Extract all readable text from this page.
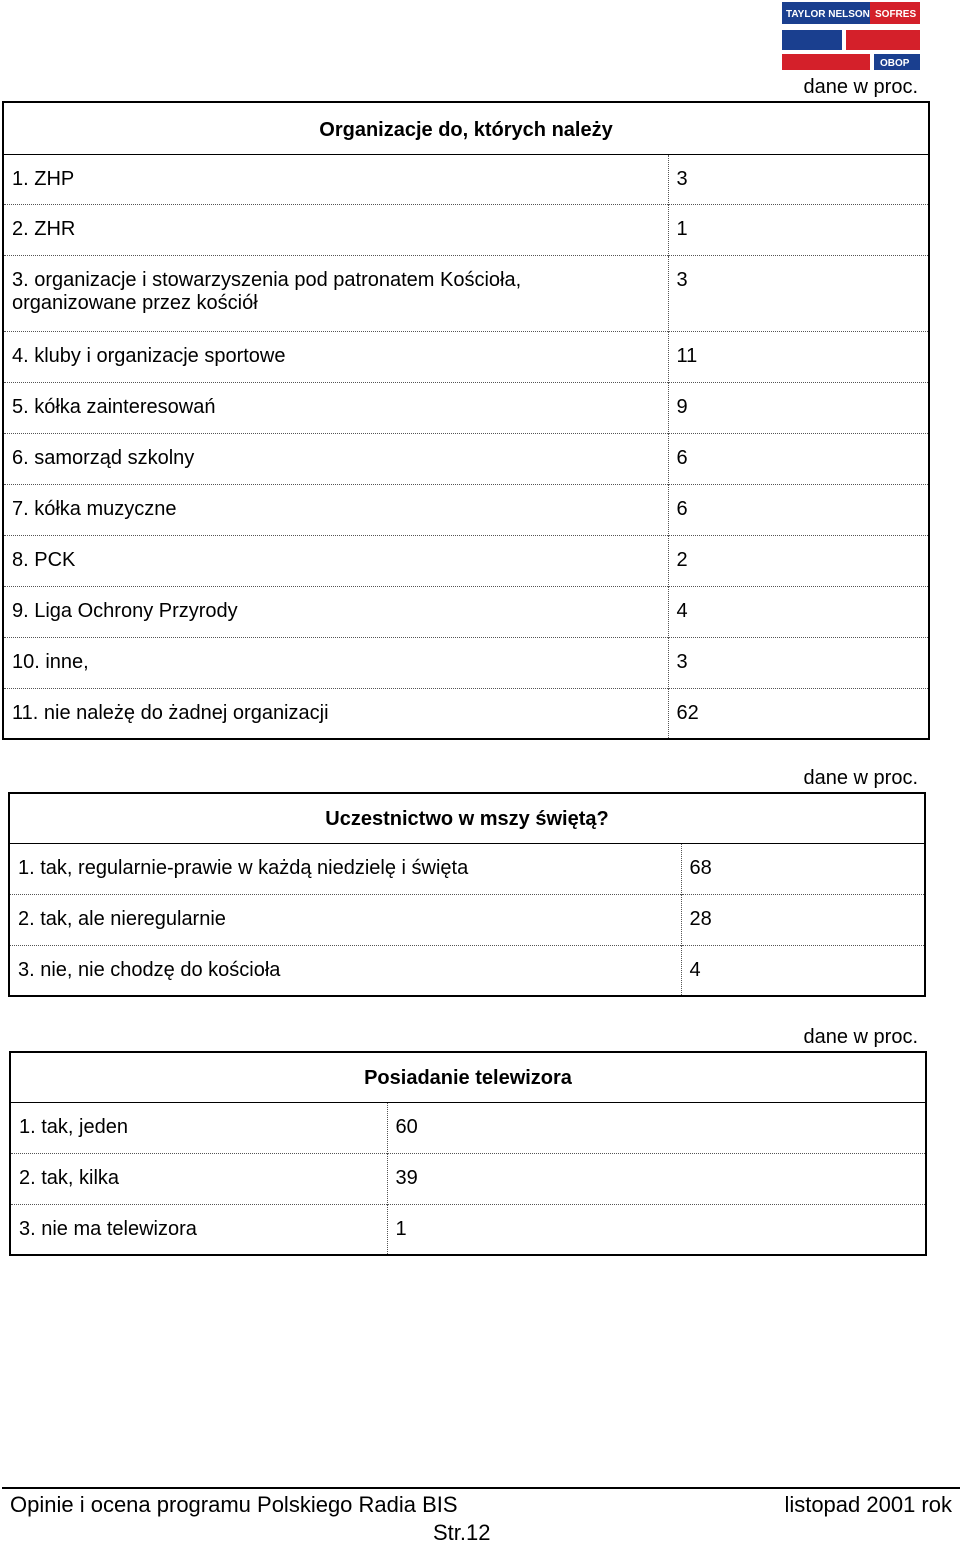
TAYLOR NELSON SOFRES
OBOP
dane w proc.
dane w proc.
dane w proc.
Organizacje do, których należy	
1. ZHP	3
2. ZHR	1

3. organizacje i stowarzyszenia pod patronatem Kościoła,
organizowane przez kościół	3
4. kluby i organizacje sportowe	11
5. kółka zainteresowań	9
6. samorząd szkolny	6
7. kółka muzyczne	6
8. PCK	2
9. Liga Ochrony Przyrody	4
10. inne,	3
11. nie należę do żadnej organizacji	62
Uczestnictwo w mszy świętą?	
1. tak, regularnie-prawie w każdą niedzielę i święta	68
2. tak, ale nieregularnie	28
3. nie, nie chodzę do kościoła	4
Posiadanie telewizora	
1. tak, jeden	60
2. tak, kilka	39
3. nie ma telewizora	1
Opinie i ocena programu Polskiego Radia BIS	listopad 2001 rok
Str.12
